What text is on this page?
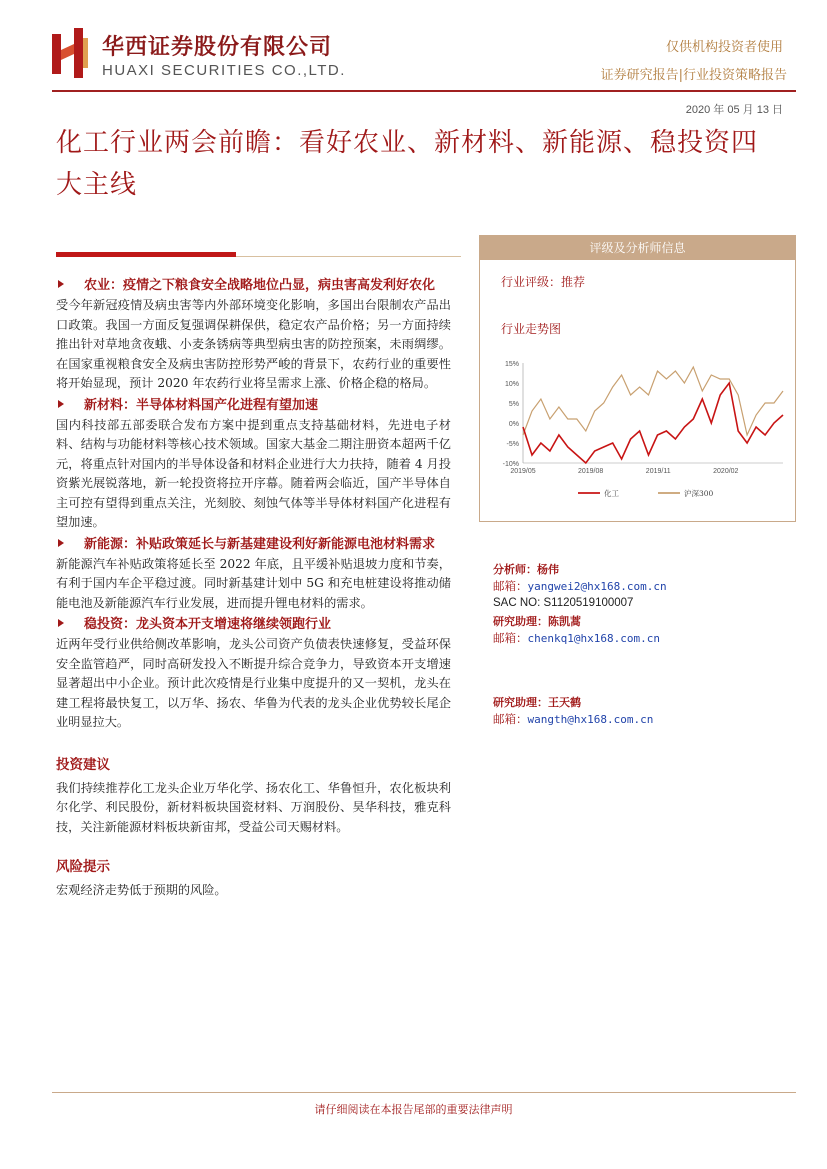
华西证券股份有限公司
HUAXI SECURITIES CO.,LTD.
仅供机构投资者使用
证券研究报告|行业投资策略报告
2020 年 05 月 13 日
化工行业两会前瞻：看好农业、新材料、新能源、稳投资四大主线

农业：疫情之下粮食安全战略地位凸显，病虫害高发利好农化

受今年新冠疫情及病虫害等内外部环境变化影响，多国出台限制农产品出口政策。我国一方面反复强调保耕保供，稳定农产品价格；另一方面持续推出针对草地贪夜蛾、小麦条锈病等典型病虫害的防控预案，未雨绸缪。在国家重视粮食安全及病虫害防控形势严峻的背景下，农药行业的重要性将开始显现，预计 2020 年农药行业将呈需求上涨、价格企稳的格局。

新材料：半导体材料国产化进程有望加速

国内科技部五部委联合发布方案中提到重点支持基础材料，先进电子材料、结构与功能材料等核心技术领域。国家大基金二期注册资本超两千亿元，将重点针对国内的半导体设备和材料企业进行大力扶持，随着 4 月投资紫光展锐落地，新一轮投资将拉开序幕。随着两会临近，国产半导体自主可控有望得到重点关注，光刻胶、刻蚀气体等半导体材料国产化进程有望加速。

新能源：补贴政策延长与新基建建设利好新能源电池材料需求

新能源汽车补贴政策将延长至 2022 年底，且平缓补贴退坡力度和节奏，有利于国内车企平稳过渡。同时新基建计划中 5G 和充电桩建设将推动储能电池及新能源汽车行业发展，进而提升锂电材料的需求。

稳投资：龙头资本开支增速将继续领跑行业

近两年受行业供给侧改革影响，龙头公司资产负债表快速修复，受益环保安全监管趋严，同时高研发投入不断提升综合竞争力，导致资本开支增速显著超出中小企业。预计此次疫情是行业集中度提升的又一契机，龙头在建工程将最快复工，以万华、扬农、华鲁为代表的龙头企业优势较长尾企业明显拉大。

投资建议

我们持续推荐化工龙头企业万华化学、扬农化工、华鲁恒升，农化板块利尔化学、利民股份，新材料板块国瓷材料、万润股份、昊华科技，雅克科技，关注新能源材料板块新宙邦，受益公司天赐材料。

风险提示

宏观经济走势低于预期的风险。

评级及分析师信息
行业评级：推荐
行业走势图
15%
10%
5%
0%
-5%
-10%
2019/05	2019/08	2019/11	2020/02
化工	沪深300
分析师：杨伟
邮箱：yangwei2@hx168.com.cn
SAC NO: S1120519100007
研究助理：陈凯蒿
邮箱：chenkq1@hx168.com.cn
研究助理：王天鹤
邮箱：wangth@hx168.com.cn
请仔细阅读在本报告尾部的重要法律声明
